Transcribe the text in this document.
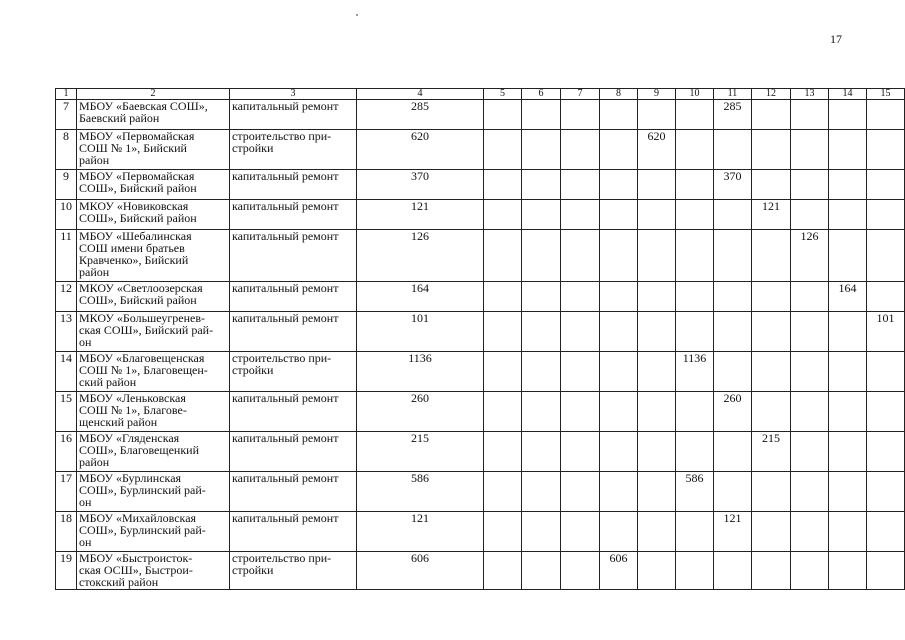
17
1	2	3	4	5	6	7	8	9	10	11	12	13	14	15
7	МБОУ «Баевская СОШ»,
Баевский район	капитальный ремонт	285							285				
8	МБОУ «Первомайская
СОШ № 1», Бийский
район	строительство при-
стройки	620					620						
9	МБОУ «Первомайская
СОШ», Бийский район	капитальный ремонт	370							370				
10	МКОУ «Новиковская
СОШ», Бийский район	капитальный ремонт	121								121			
11	МБОУ «Шебалинская
СОШ имени братьев
Кравченко», Бийский
район	капитальный ремонт	126									126		
12	МКОУ «Светлоозерская
СОШ», Бийский район	капитальный ремонт	164										164	
13	МКОУ «Большеугренев-
ская СОШ», Бийский рай-
он	капитальный ремонт	101											101
14	МБОУ «Благовещенская
СОШ № 1», Благовещен-
ский район	строительство при-
стройки	1136						1136					
15	МБОУ «Леньковская
СОШ № 1», Благове-
щенский район	капитальный ремонт	260							260				
16	МБОУ «Гляденская
СОШ», Благовещенкий
район	капитальный ремонт	215								215			
17	МБОУ «Бурлинская
СОШ», Бурлинский рай-
он	капитальный ремонт	586						586					
18	МБОУ «Михайловская
СОШ», Бурлинский рай-
он	капитальный ремонт	121							121				
19	МБОУ «Быстроисток-
ская ОСШ», Быстрои-
стокский район	строительство при-
стройки	606				606							
